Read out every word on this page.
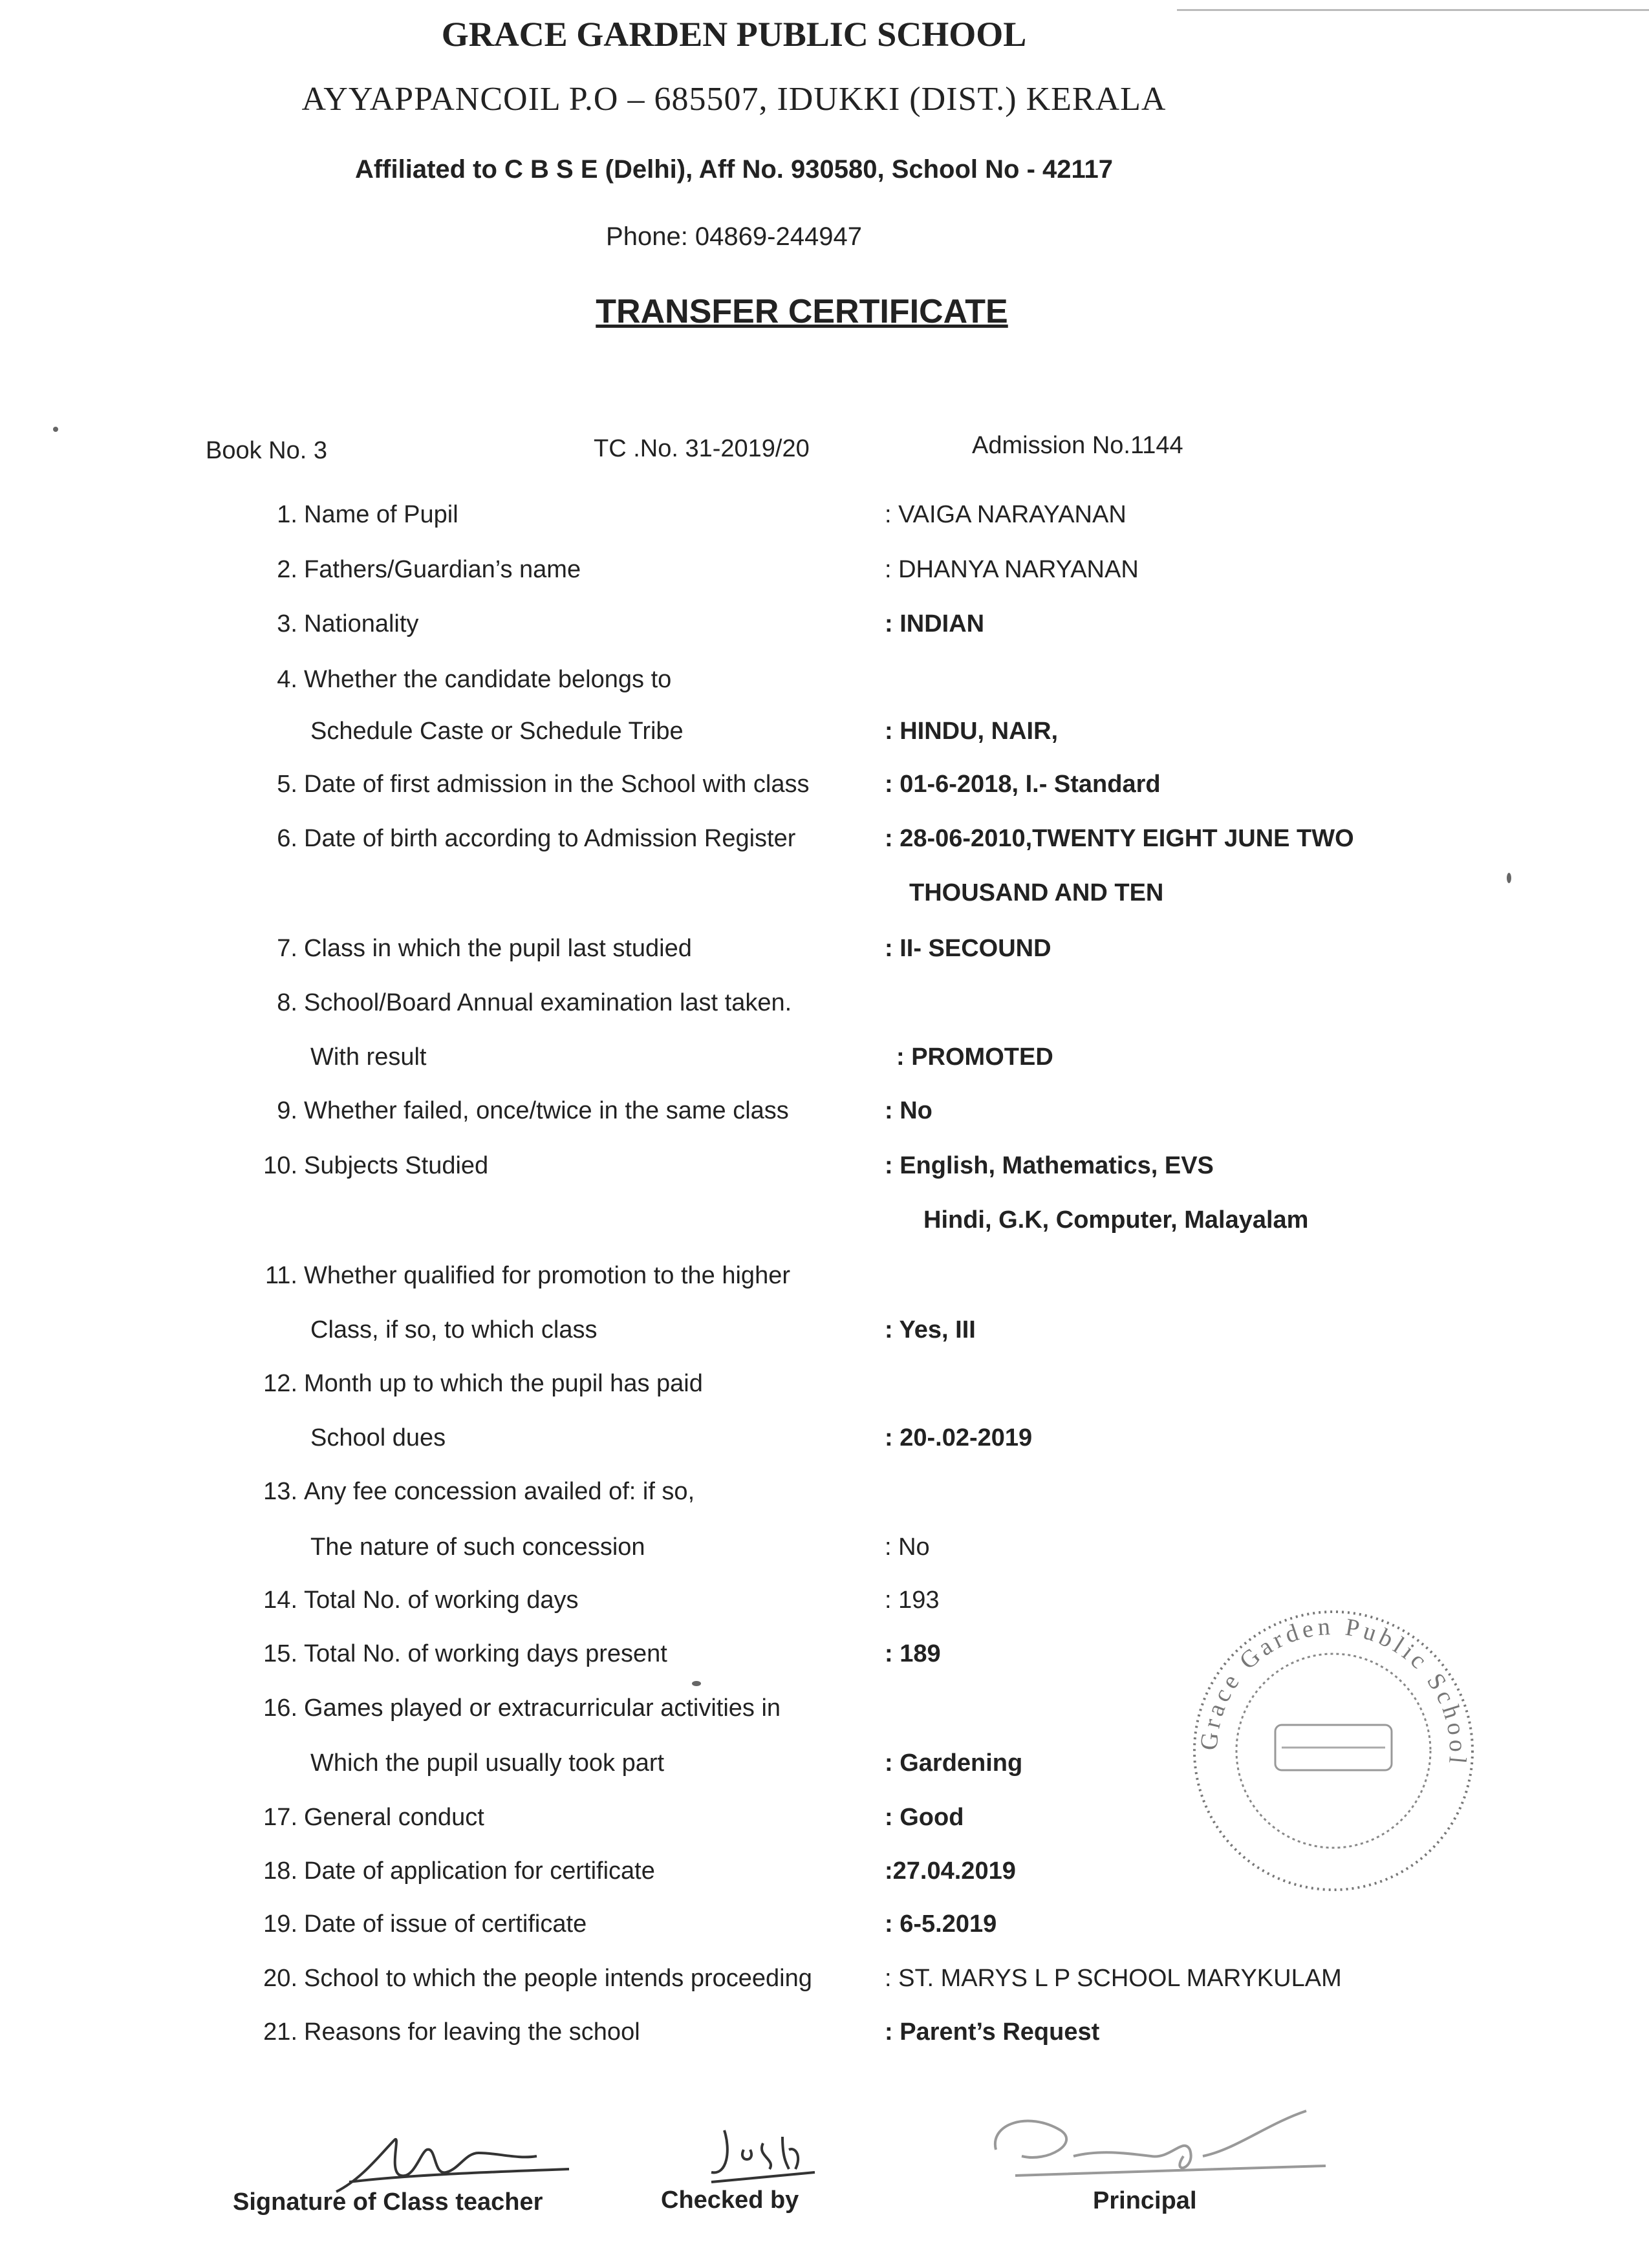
GRACE GARDEN PUBLIC SCHOOL
AYYAPPANCOIL P.O – 685507, IDUKKI (DIST.) KERALA
Affiliated to C B S E (Delhi), Aff No. 930580, School No - 42117
Phone: 04869-244947
TRANSFER CERTIFICATE
Book No. 3	TC .No. 31-2019/20	Admission No.1144
1. Name of Pupil	: VAIGA NARAYANAN
2. Fathers/Guardian’s name	: DHANYA NARYANAN
3. Nationality	: INDIAN
4. Whether the candidate belongs to
Schedule Caste or Schedule Tribe	: HINDU, NAIR,
5. Date of first admission in the School with class	: 01-6-2018, I.- Standard
6. Date of birth according to Admission Register	: 28-06-2010,TWENTY EIGHT JUNE TWO
THOUSAND AND TEN
7. Class in which the pupil last studied	: II- SECOUND
8. School/Board Annual examination last taken.
With result	: PROMOTED
9. Whether failed, once/twice in the same class	: No
10. Subjects Studied	: English, Mathematics, EVS
Hindi, G.K, Computer, Malayalam
11. Whether qualified for promotion to the higher
Class, if so, to which class	: Yes, III
12. Month up to which the pupil has paid
School dues	: 20-.02-2019
13. Any fee concession availed of: if so,
The nature of such concession	: No
14. Total No. of working days	: 193
15. Total No. of working days present	: 189
16. Games played or extracurricular activities in
Which the pupil usually took part	: Gardening
17. General conduct	: Good
18. Date of application for certificate	:27.04.2019
19. Date of issue of certificate	: 6-5.2019
20. School to which the people intends proceeding	: ST. MARYS L P SCHOOL MARYKULAM
21. Reasons for leaving the school	: Parent’s Request
Grace Garden Public School
Signature of Class teacher	Checked by	Principal
